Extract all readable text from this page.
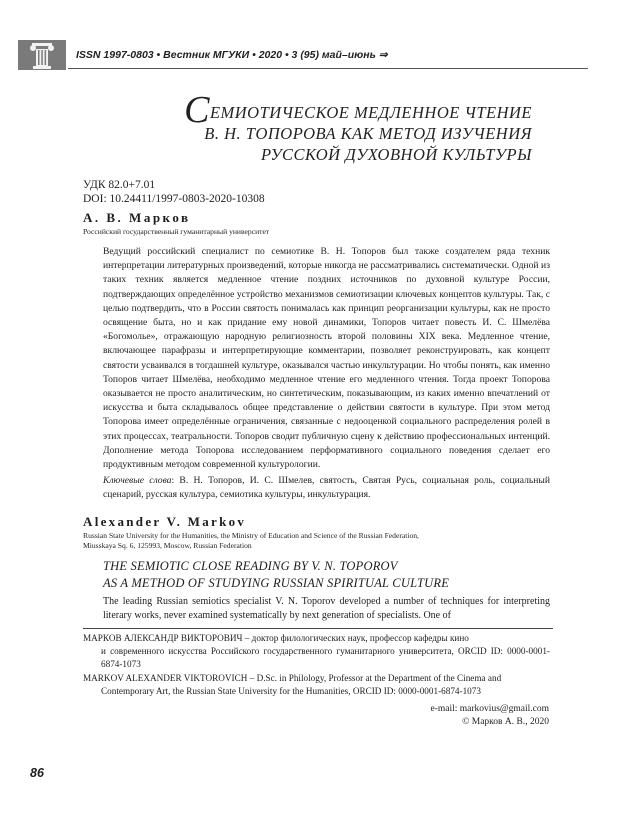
ISSN 1997-0803 • Вестник МГУКИ • 2020 • 3 (95) май–июнь ⇒
СЕМИОТИЧЕСКОЕ МЕДЛЕННОЕ ЧТЕНИЕ
В. Н. ТОПОРОВА КАК МЕТОД ИЗУЧЕНИЯ
РУССКОЙ ДУХОВНОЙ КУЛЬТУРЫ
УДК 82.0+7.01
DOI: 10.24411/1997-0803-2020-10308
А. В. Марков
Российский государственный гуманитарный университет

Ведущий российский специалист по семиотике В. Н. Топоров был также создателем ряда техник интерпретации литературных произведений, которые никогда не рассматривались систематически. Одной из таких техник является медленное чтение поздних источников по духовной культуре России, подтверждающих определённое устройство механизмов семиотизации ключевых концептов культуры. Так, с целью подтвердить, что в России святость понималась как принцип реорганизации культуры, как не просто освящение быта, но и как придание ему новой динамики, Топоров читает повесть И. С. Шмелёва «Богомолье», отражающую народную религиозность второй половины XIX века. Медленное чтение, включающее парафразы и интерпретирующие комментарии, позволяет реконструировать, как концепт святости усваивался в тогдашней культуре, оказывался частью инкультурации. Но чтобы понять, как именно Топоров читает Шмелёва, необходимо медленное чтение его медленного чтения. Тогда проект Топорова оказывается не просто аналитическим, но синтетическим, показывающим, из каких именно впечатлений от искусства и быта складывалось общее представление о действии святости в культуре. При этом метод Топорова имеет определённые ограничения, связанные с недооценкой социального распределения ролей в этих процессах, театральности. Топоров сводит публичную сцену к действию профессиональных интенций. Дополнение метода Топорова исследованием перформативного социального поведения сделает его продуктивным методом современной культурологии.

Ключевые слова: В. Н. Топоров, И. С. Шмелев, святость, Святая Русь, социальная роль, социальный сценарий, русская культура, семиотика культуры, инкультурация.

Alexander V. Markov
Russian State University for the Humanities, the Ministry of Education and Science of the Russian Federation,
Miusskaya Sq. 6, 125993, Moscow, Russian Federation
THE SEMIOTIC CLOSE READING BY V. N. TOPOROV
AS A METHOD OF STUDYING RUSSIAN SPIRITUAL CULTURE

The leading Russian semiotics specialist V. N. Toporov developed a number of techniques for interpreting literary works, never examined systematically by next generation of specialists. One of

МАРКОВ АЛЕКСАНДР ВИКТОРОВИЧ – доктор филологических наук, профессор кафедры кино
и современного искусства Российского государственного гуманитарного университета, ORCID ID: 0000-0001-6874-1073
MARKOV ALEXANDER VIKTOROVICH – D.Sc. in Philology, Professor at the Department of the Cinema and
Contemporary Art, the Russian State University for the Humanities, ORCID ID: 0000-0001-6874-1073
e-mail: markovius@gmail.com
© Марков А. В., 2020
86
